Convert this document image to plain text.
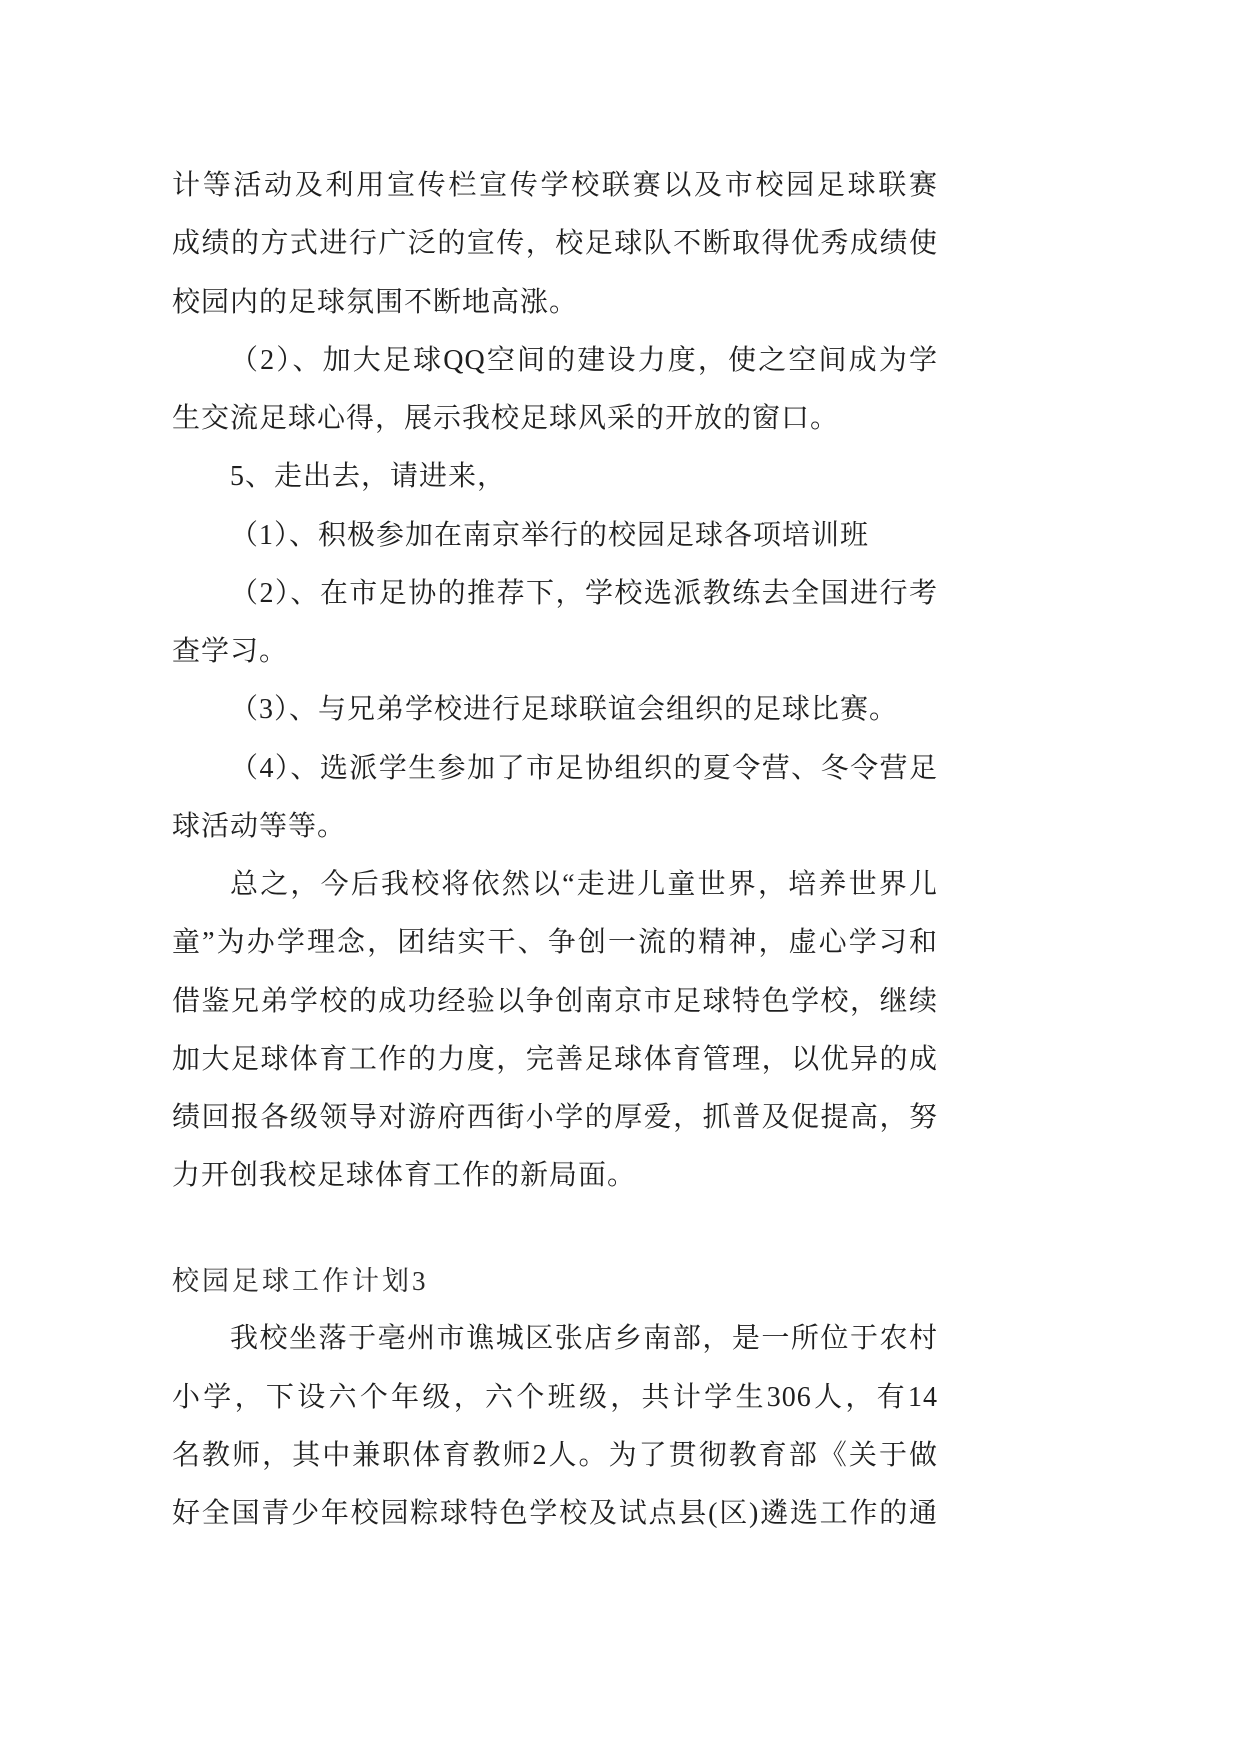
计等活动及利用宣传栏宣传学校联赛以及市校园足球联赛
成绩的方式进行广泛的宣传，校足球队不断取得优秀成绩使
校园内的足球氛围不断地高涨。
（2）、加大足球QQ空间的建设力度，使之空间成为学
生交流足球心得，展示我校足球风采的开放的窗口。
5、走出去，请进来，
（1）、积极参加在南京举行的校园足球各项培训班
（2）、在市足协的推荐下，学校选派教练去全国进行考
查学习。
（3）、与兄弟学校进行足球联谊会组织的足球比赛。
（4）、选派学生参加了市足协组织的夏令营、冬令营足
球活动等等。
总之，今后我校将依然以“走进儿童世界，培养世界儿
童”为办学理念，团结实干、争创一流的精神，虚心学习和
借鉴兄弟学校的成功经验以争创南京市足球特色学校，继续
加大足球体育工作的力度，完善足球体育管理，以优异的成
绩回报各级领导对游府西街小学的厚爱，抓普及促提高，努
力开创我校足球体育工作的新局面。
校园足球工作计划3
我校坐落于亳州市谯城区张店乡南部，是一所位于农村
小学，下设六个年级，六个班级，共计学生306人，有14
名教师，其中兼职体育教师2人。为了贯彻教育部《关于做
好全国青少年校园粽球特色学校及试点县(区)遴选工作的通
